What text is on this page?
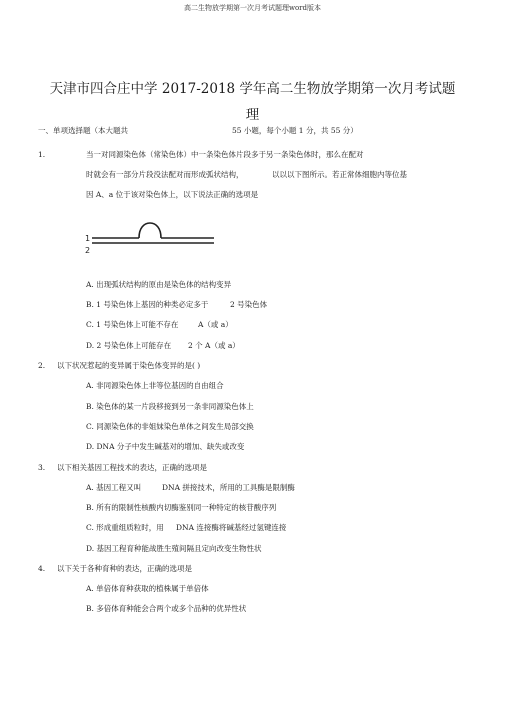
高二生物放学期第一次月考试题理word版本
天津市四合庄中学 2017-2018 学年高二生物放学期第一次月考试题
理
一、单项选择题（本大题共	55 小题，每个小题 1 分，共 55 分）
1.	当一对同源染色体（常染色体）中一条染色体片段多于另一条染色体时，那么在配对
时就会有一部分片段没法配对而形成弧状结构，	以以以下图所示。若正常体细胞内等位基
因 A、a 位于该对染色体上，以下说法正确的选项是
1
2
A. 出现弧状结构的原由是染色体的结构变异
B. 1 号染色体上基因的种类必定多于	2 号染色体
C. 1 号染色体上可能不存在	A（或 a）
D. 2 号染色体上可能存在 2 个 A（或 a）
2. 以下状况惹起的变异属于染色体变异的是( )
A. 非同源染色体上非等位基因的自由组合
B. 染色体的某一片段移接到另一条非同源染色体上
C. 同源染色体的非姐妹染色单体之间发生局部交换
D. DNA 分子中发生碱基对的增加、缺失或改变
3. 以下相关基因工程技术的表达，正确的选项是
A. 基因工程又叫	DNA 拼接技术，所用的工具酶是限制酶
B. 所有的限制性核酸内切酶鉴别同一种特定的核苷酸序列
C. 形成重组质粒时，用 DNA 连接酶将碱基经过氢键连接
D. 基因工程育种能战胜生殖间隔且定向改变生物性状
4. 以下关于各种育种的表达，正确的选项是
A. 单倍体育种获取的植株属于单倍体
B. 多倍体育种能会合两个或多个品种的优异性状
